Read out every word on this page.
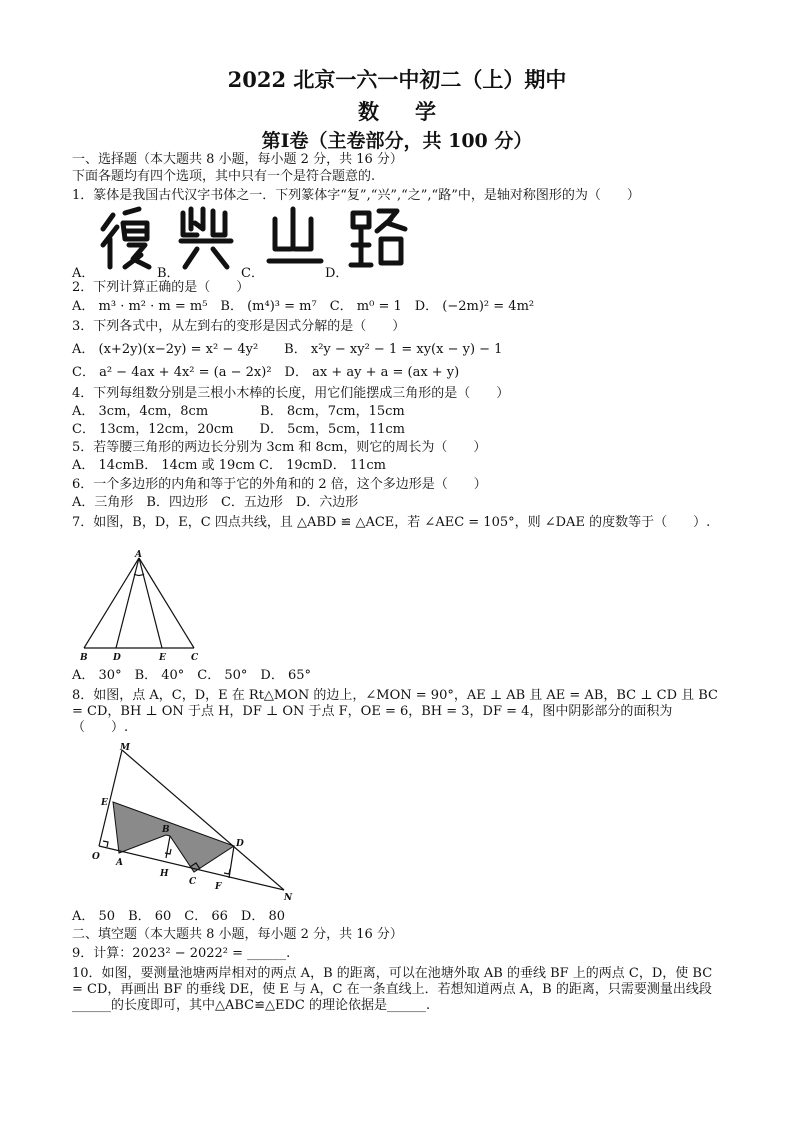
2022 北京一六一中初二（上）期中
数学
第Ⅰ卷（主卷部分，共 100 分）
一、选择题（本大题共 8 小题，每小题 2 分，共 16 分）
下面各题均有四个选项，其中只有一个是符合题意的.
1．篆体是我国古代汉字书体之一．下列篆体字“复”,“兴”,“之”,“路”中，是轴对称图形的为（　　）
A．	B．	C．	D．
2．下列计算正确的是（　　）
A． m³ · m² · m = m⁵　B． (m⁴)³ = m⁷　C． m⁰ = 1　D． (−2m)² = 4m²
3．下列各式中，从左到右的变形是因式分解的是（　　）
A． (x+2y)(x−2y) = x² − 4y²　　B． x²y − xy² − 1 = xy(x − y) − 1
C． a² − 4ax + 4x² = (a − 2x)²　D． ax + ay + a = (ax + y)
4．下列每组数分别是三根小木棒的长度，用它们能摆成三角形的是（　　）
A． 3cm，4cm，8cm　　　　B． 8cm，7cm，15cm
C． 13cm，12cm，20cm　　D． 5cm，5cm，11cm
5．若等腰三角形的两边长分别为 3cm 和 8cm，则它的周长为（　　）
A． 14cmB． 14cm 或 19cm C． 19cmD． 11cm
6．一个多边形的内角和等于它的外角和的 2 倍，这个多边形是（　　）
A．三角形　B．四边形　C．五边形　D．六边形
7．如图，B，D，E，C 四点共线，且 △ABD ≌ △ACE，若 ∠AEC = 105°，则 ∠DAE 的度数等于（　　）.
A
B	D	E	C
A． 30°　B． 40°　C． 50°　D． 65°
8．如图，点 A，C，D，E 在 Rt△MON 的边上，∠MON = 90°，AE ⊥ AB 且 AE = AB，BC ⊥ CD 且 BC = CD，BH ⊥ ON 于点 H，DF ⊥ ON 于点 F，OE = 6，BH = 3，DF = 4，图中阴影部分的面积为（　　）.
M
E
B
D
O
A
H
C F
N
A． 50　B． 60　C． 66　D． 80
二、填空题（本大题共 8 小题，每小题 2 分，共 16 分）
9．计算：2023² − 2022² = ______.
10．如图，要测量池塘两岸相对的两点 A，B 的距离，可以在池塘外取 AB 的垂线 BF 上的两点 C，D，使 BC = CD，再画出 BF 的垂线 DE，使 E 与 A，C 在一条直线上．若想知道两点 A，B 的距离，只需要测量出线段______的长度即可，其中△ABC≌△EDC 的理论依据是______.
